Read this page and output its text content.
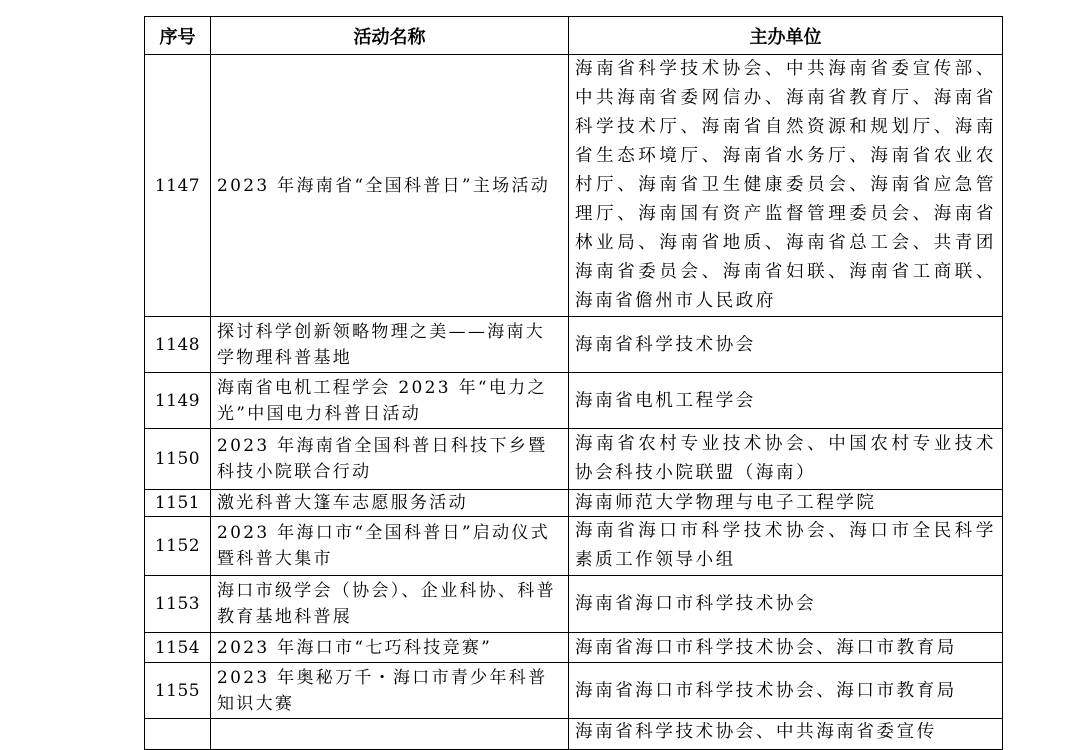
序号	活动名称	主办单位
1147	2023 年海南省“全国科普日”主场活动	海南省科学技术协会、中共海南省委宣传部、中共海南省委网信办、海南省教育厅、海南省科学技术厅、海南省自然资源和规划厅、海南省生态环境厅、海南省水务厅、海南省农业农村厅、海南省卫生健康委员会、海南省应急管理厅、海南国有资产监督管理委员会、海南省林业局、海南省地质、海南省总工会、共青团海南省委员会、海南省妇联、海南省工商联、海南省儋州市人民政府
1148	探讨科学创新领略物理之美——海南大学物理科普基地	海南省科学技术协会
1149	海南省电机工程学会 2023 年“电力之光”中国电力科普日活动	海南省电机工程学会
1150	2023 年海南省全国科普日科技下乡暨科技小院联合行动	海南省农村专业技术协会、中国农村专业技术协会科技小院联盟（海南）
1151	激光科普大篷车志愿服务活动	海南师范大学物理与电子工程学院
1152	2023 年海口市“全国科普日”启动仪式暨科普大集市	海南省海口市科学技术协会、海口市全民科学素质工作领导小组
1153	海口市级学会（协会）、企业科协、科普教育基地科普展	海南省海口市科学技术协会
1154	2023 年海口市“七巧科技竞赛”	海南省海口市科学技术协会、海口市教育局
1155	2023 年奥秘万千・海口市青少年科普知识大赛	海南省海口市科学技术协会、海口市教育局

		海南省科学技术协会、中共海南省委宣传
